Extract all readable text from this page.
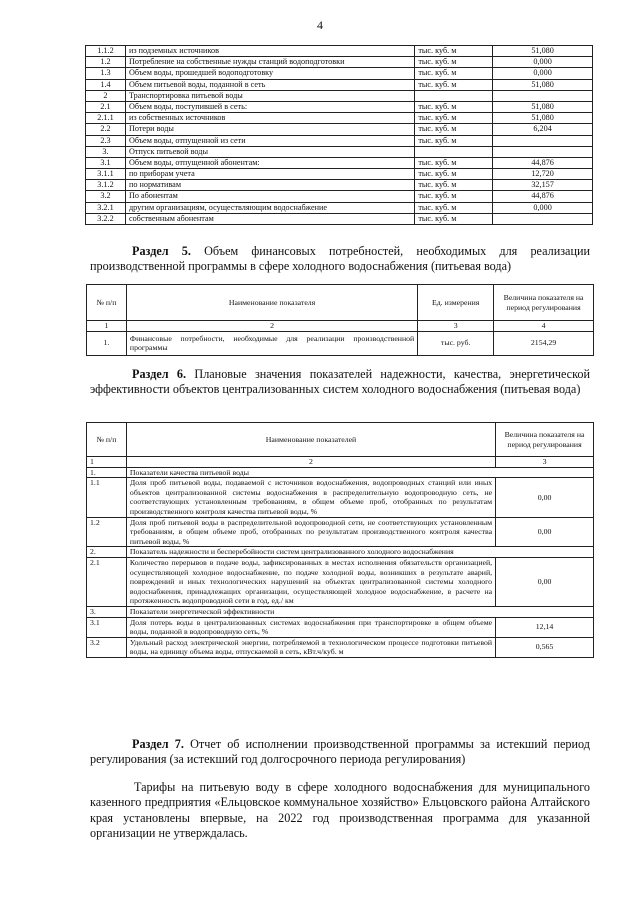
4
1.1.2	из подземных источников	тыс. куб. м	51,080
1.2	Потребление на собственные нужды станций водоподготовки	тыс. куб. м	0,000
1.3	Объем воды, прошедшей водоподготовку	тыс. куб. м	0,000
1.4	Объем питьевой воды, поданной в сеть	тыс. куб. м	51,080
2	Транспортировка питьевой воды		
2.1	Объем воды, поступившей в сеть:	тыс. куб. м	51,080
2.1.1	из собственных источников	тыс. куб. м	51,080
2.2	Потери воды	тыс. куб. м	6,204
2.3	Объем воды, отпущенной из сети	тыс. куб. м	
3.	Отпуск питьевой воды		
3.1	Объем воды, отпущенной абонентам:	тыс. куб. м	44,876
3.1.1	по приборам учета	тыс. куб. м	12,720
3.1.2	по нормативам	тыс. куб. м	32,157
3.2	По абонентам	тыс. куб. м	44,876
3.2.1	другим организациям, осуществляющим водоснабжение	тыс. куб. м	0,000
3.2.2	собственным абонентам	тыс. куб. м	
Раздел 5. Объем финансовых потребностей, необходимых для реализации производственной программы в сфере холодного водоснабжения (питьевая вода)
№ п/п	Наименование показателя	Ед. измерения	Величина показателя на период регулирования
1	2	3	4
1.	Финансовые потребности, необходимые для реализации производственной программы	тыс. руб.	2154,29
Раздел 6. Плановые значения показателей надежности, качества, энергетической эффективности объектов централизованных систем холодного водоснабжения (питьевая вода)
№ п/п	Наименование показателей	Величина показателя на период регулирования
1	2	3
1.	Показатели качества питьевой воды	
1.1	Доля проб питьевой воды, подаваемой с источников водоснабжения, водопроводных станций или иных объектов централизованной системы водоснабжения в распределительную водопроводную сеть, не соответствующих установленным требованиям, в общем объеме проб, отобранных по результатам производственного контроля качества питьевой воды, %	0,00
1.2	Доля проб питьевой воды в распределительной водопроводной сети, не соответствующих установленным требованиям, в общем объеме проб, отобранных по результатам производственного контроля качества питьевой воды, %	0,00
2.	Показатель надежности и бесперебойности систем централизованного холодного водоснабжения	
2.1	Количество перерывов в подаче воды, зафиксированных в местах исполнения обязательств организацией, осуществляющей холодное водоснабжение, по подаче холодной воды, возникших в результате аварий, повреждений и иных технологических нарушений на объектах централизованной системы холодного водоснабжения, принадлежащих организации, осуществляющей холодное водоснабжение, в расчете на протяженность водопроводной сети в год, ед./ км	0,00
3.	Показатели энергетической эффективности	
3.1	Доля потерь воды в централизованных системах водоснабжения при транспортировке в общем объеме воды, поданной в водопроводную сеть, %	12,14
3.2	Удельный расход электрической энергии, потребляемой в технологическом процессе подготовки питьевой воды, на единицу объема воды, отпускаемой в сеть, кВт.ч/куб. м	0,565
Раздел 7. Отчет об исполнении производственной программы за истекший период регулирования (за истекший год долгосрочного периода регулирования)

Тарифы на питьевую воду в сфере холодного водоснабжения для муниципального казенного предприятия «Ельцовское коммунальное хозяйство» Ельцовского района Алтайского края установлены впервые, на 2022 год производственная программа для указанной организации не утверждалась.
